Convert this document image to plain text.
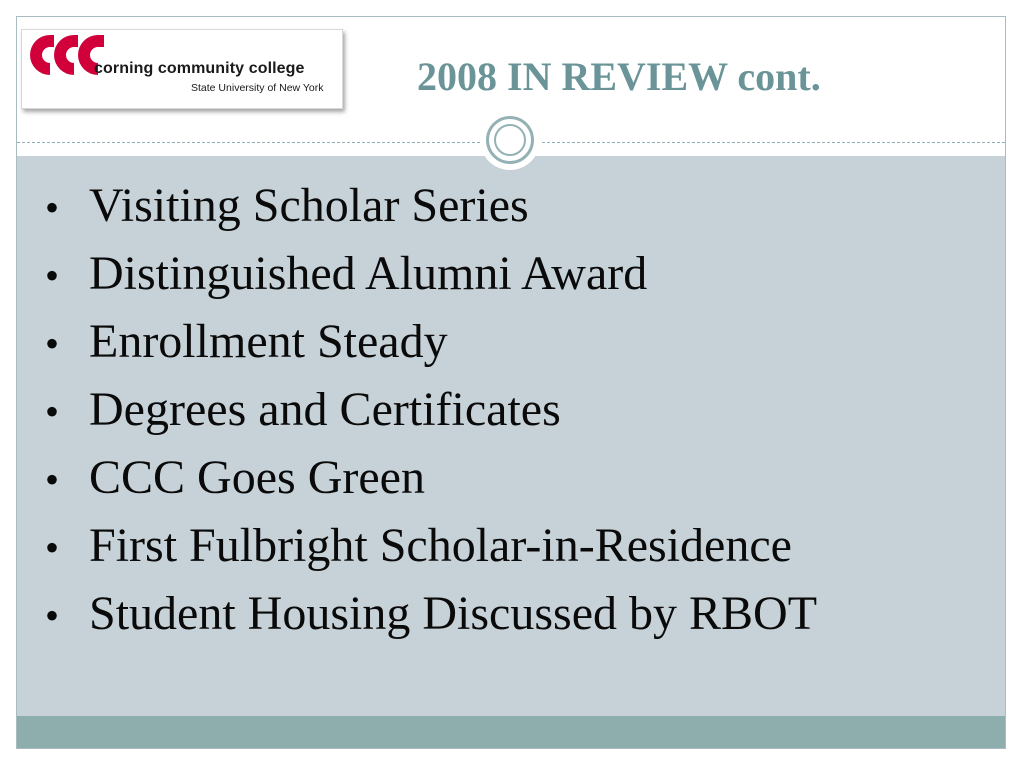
corning community college
State University of New York 2008 IN REVIEW cont.
• Visiting Scholar Series
• Distinguished Alumni Award
• Enrollment Steady
• Degrees and Certificates
• CCC Goes Green
• First Fulbright Scholar-in-Residence
• Student Housing Discussed by RBOT
